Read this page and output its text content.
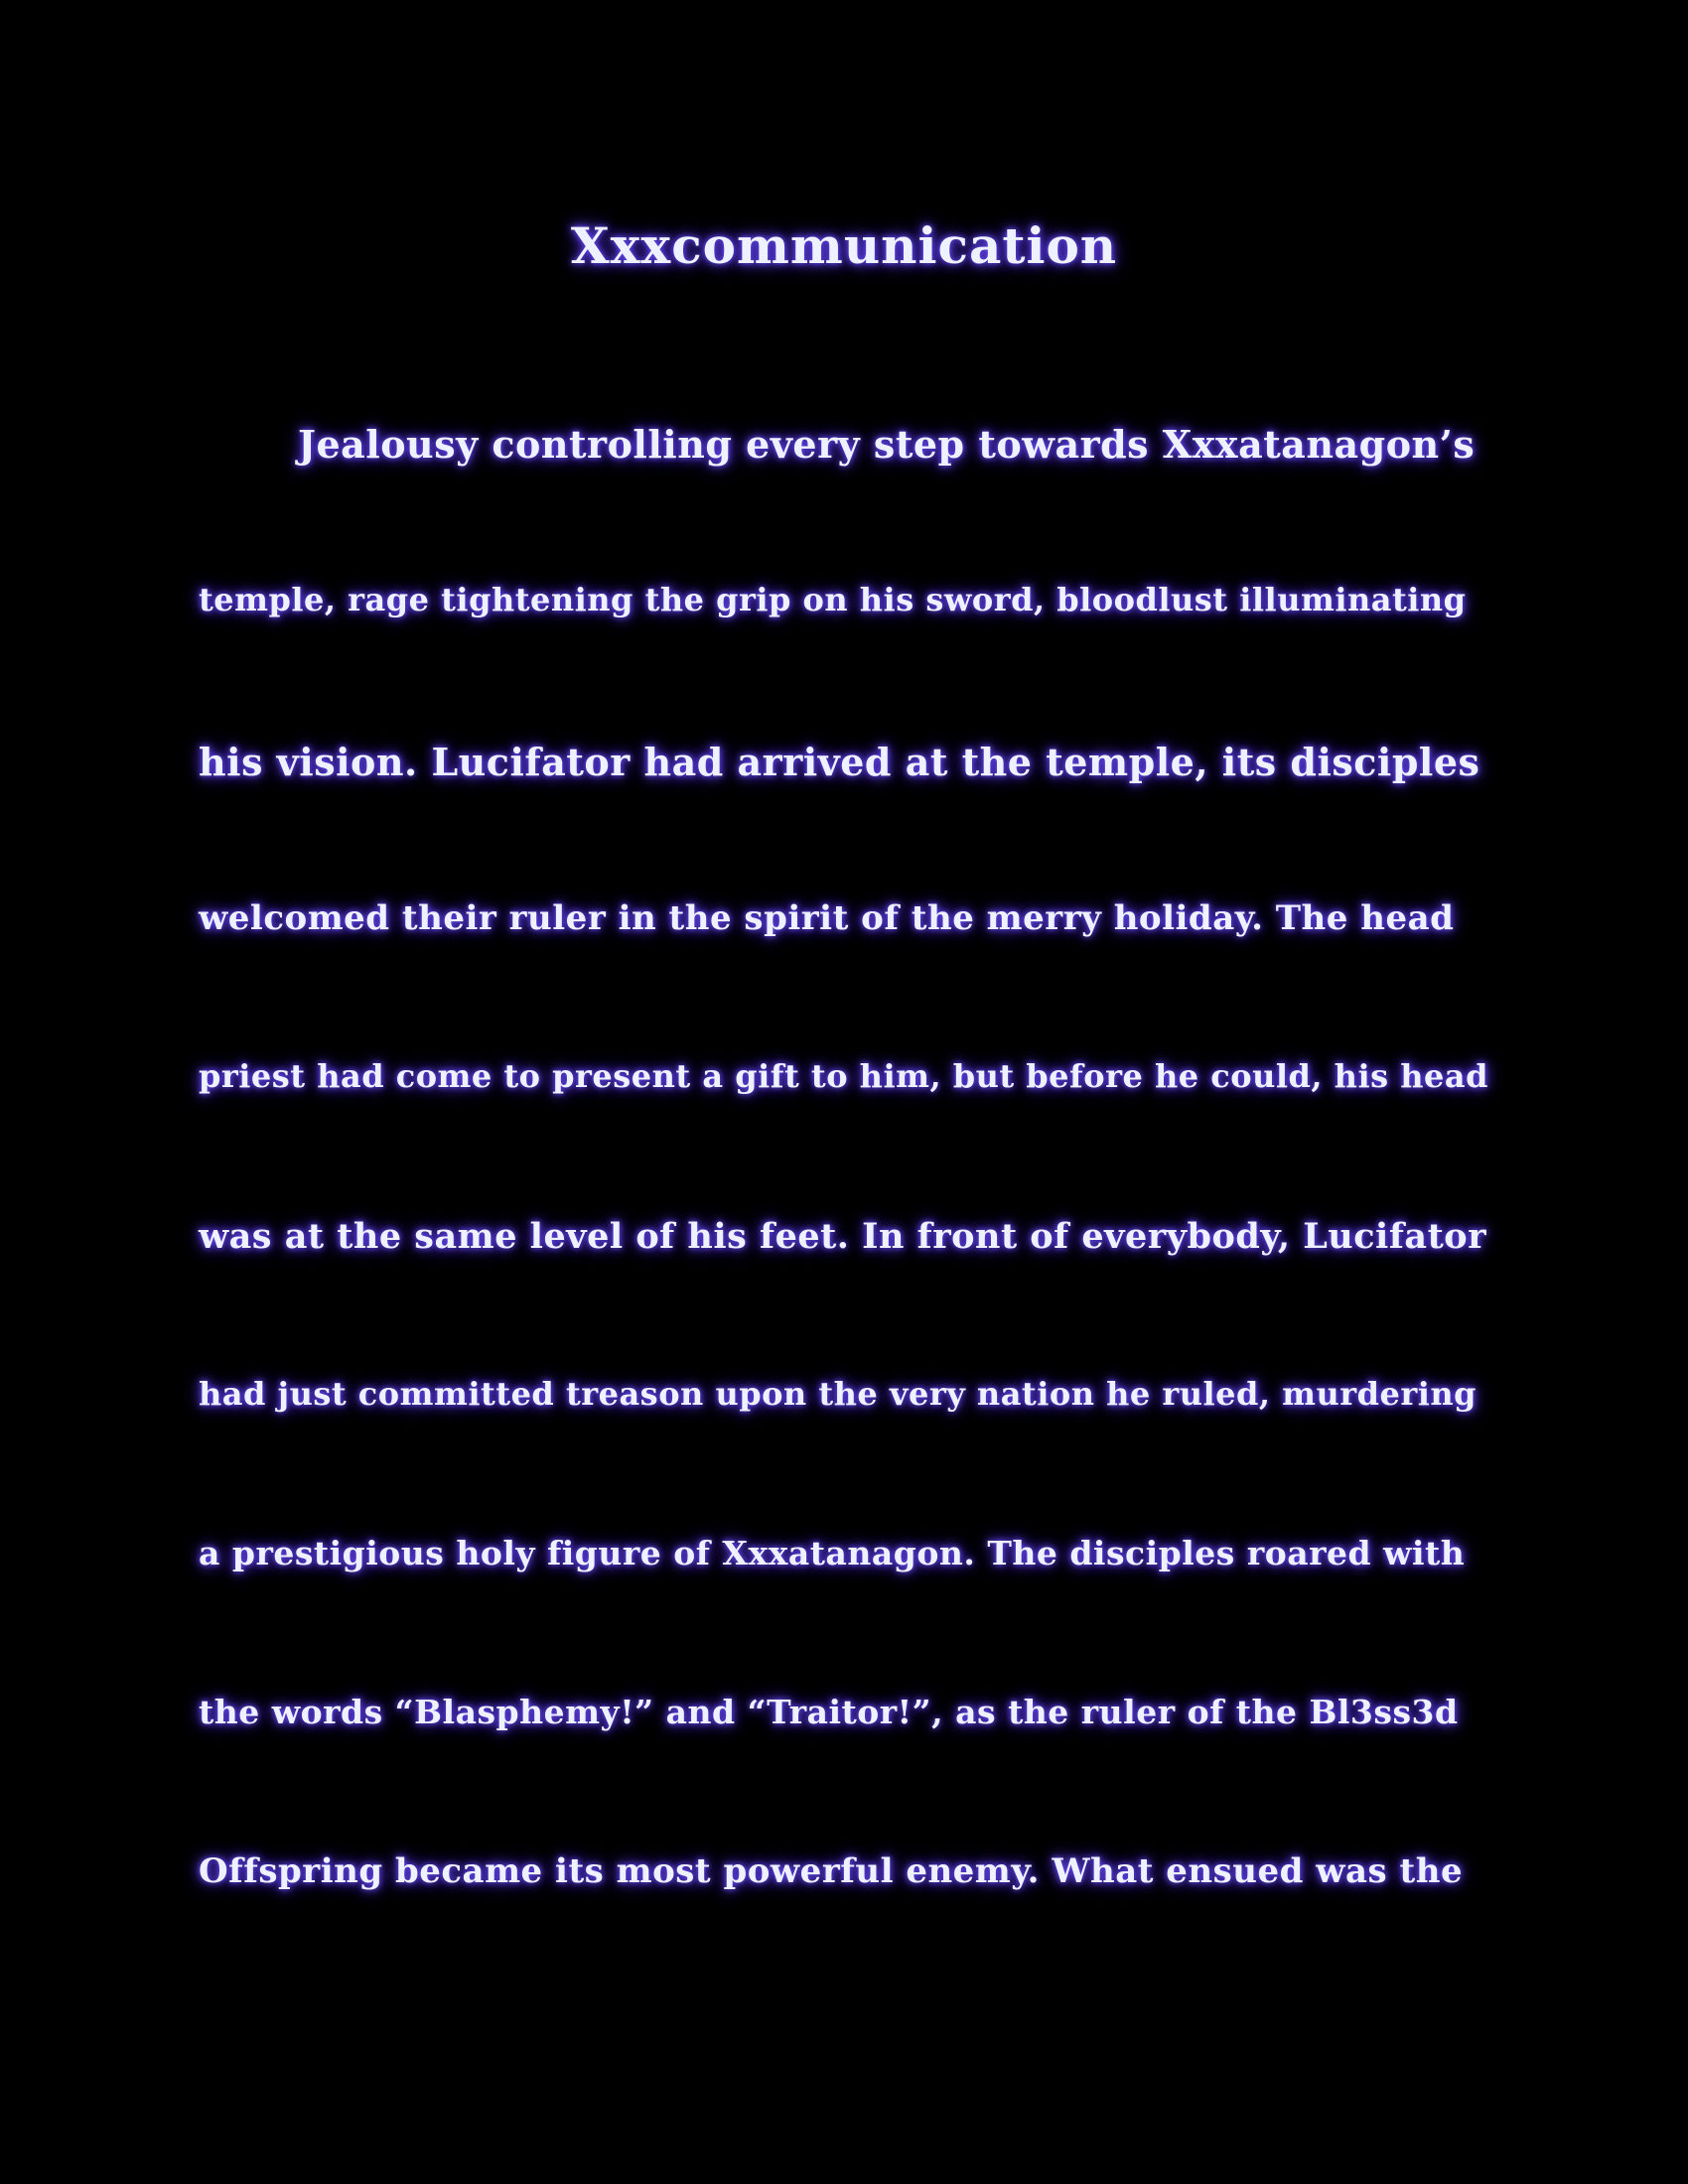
Xxxcommunication
Jealousy controlling every step towards Xxxatanagon’s
temple, rage tightening the grip on his sword, bloodlust illuminating
his vision. Lucifator had arrived at the temple, its disciples
welcomed their ruler in the spirit of the merry holiday. The head
priest had come to present a gift to him, but before he could, his head
was at the same level of his feet. In front of everybody, Lucifator
had just committed treason upon the very nation he ruled, murdering
a prestigious holy figure of Xxxatanagon. The disciples roared with
the words “Blasphemy!” and “Traitor!”, as the ruler of the Bl3ss3d
Offspring became its most powerful enemy. What ensued was the
